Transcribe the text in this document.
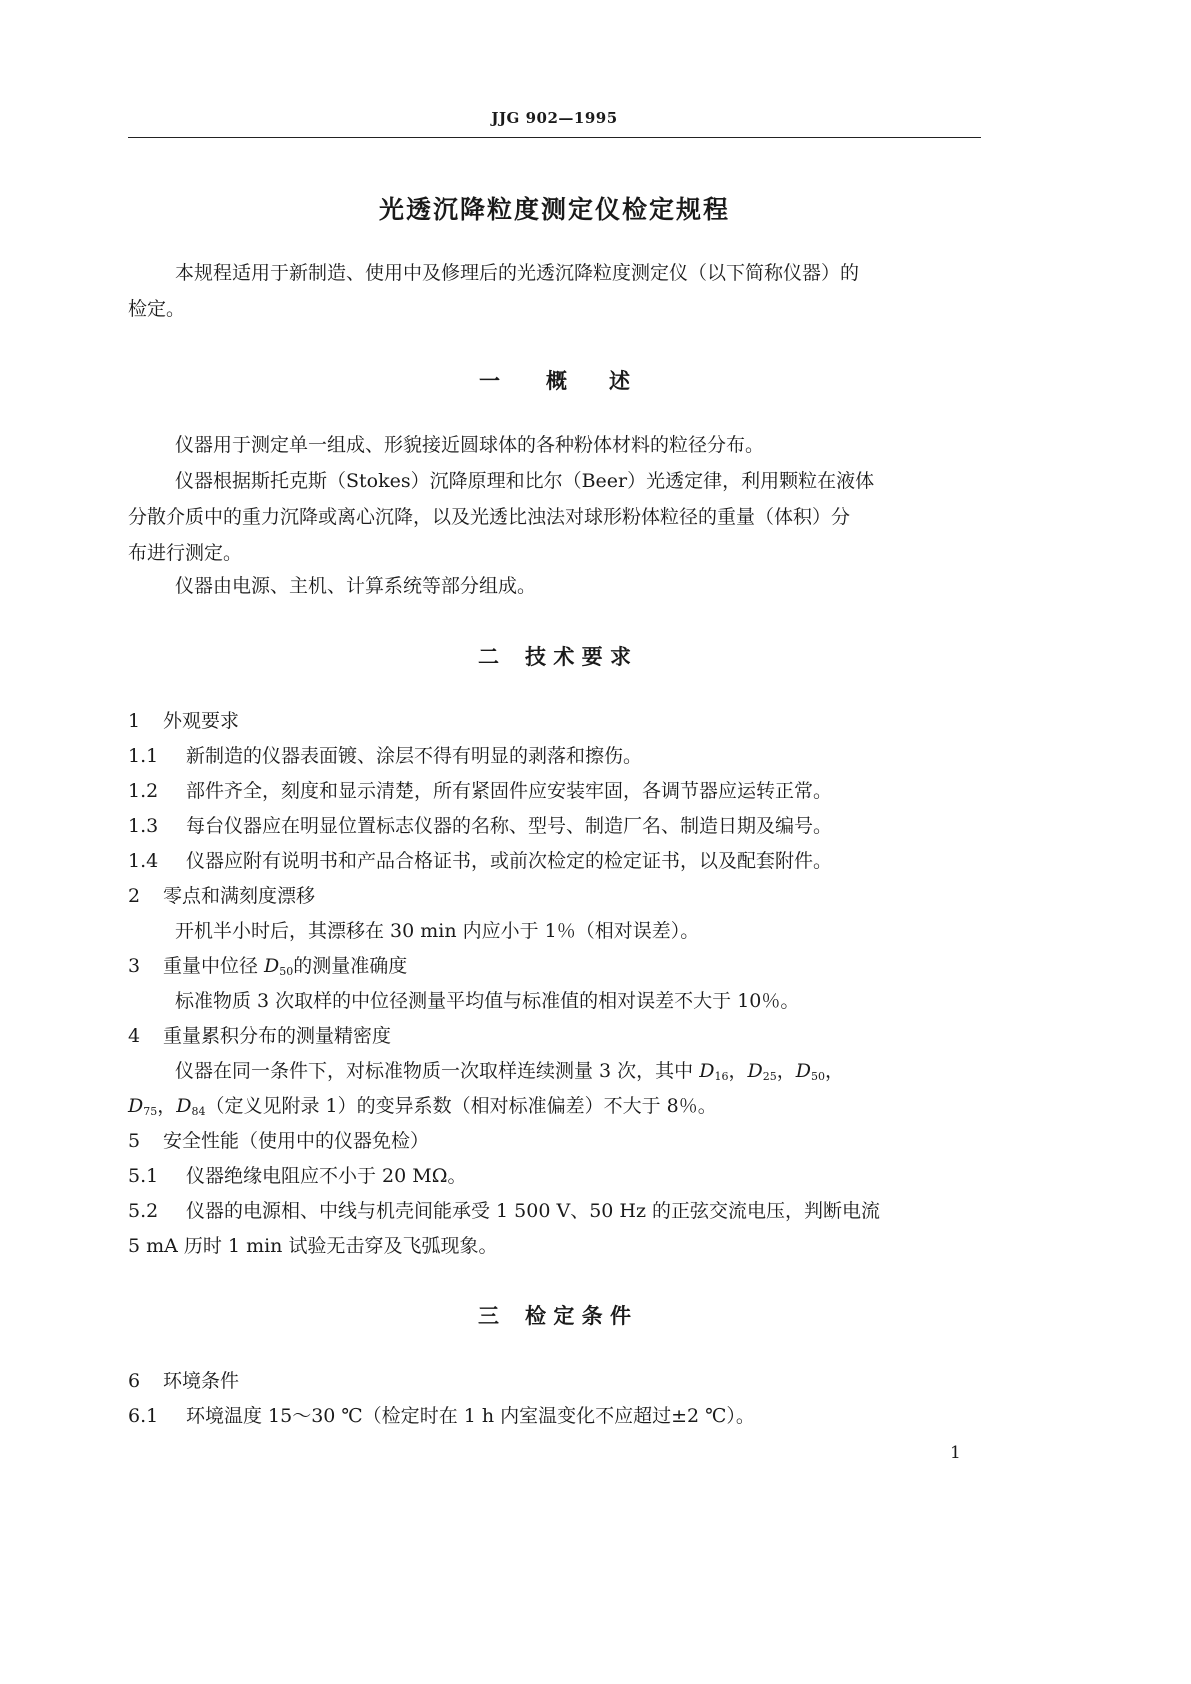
JJG 902—1995
光透沉降粒度测定仪检定规程
本规程适用于新制造、使用中及修理后的光透沉降粒度测定仪（以下简称仪器）的
检定。
一 概　　述
仪器用于测定单一组成、形貌接近圆球体的各种粉体材料的粒径分布。
仪器根据斯托克斯（Stokes）沉降原理和比尔（Beer）光透定律，利用颗粒在液体
分散介质中的重力沉降或离心沉降，以及光透比浊法对球形粉体粒径的重量（体积）分
布进行测定。
仪器由电源、主机、计算系统等部分组成。
二 技 术 要 求
1 外观要求
1.1 新制造的仪器表面镀、涂层不得有明显的剥落和擦伤。
1.2 部件齐全，刻度和显示清楚，所有紧固件应安装牢固，各调节器应运转正常。
1.3 每台仪器应在明显位置标志仪器的名称、型号、制造厂名、制造日期及编号。
1.4 仪器应附有说明书和产品合格证书，或前次检定的检定证书，以及配套附件。
2 零点和满刻度漂移
开机半小时后，其漂移在 30 min 内应小于 1％（相对误差）。
3 重量中位径 $D_{50}$的测量准确度
标准物质 3 次取样的中位径测量平均值与标准值的相对误差不大于 10％。
4 重量累积分布的测量精密度
仪器在同一条件下，对标准物质一次取样连续测量 3 次，其中 $D_{16}$，$D_{25}$，$D_{50}$，
$D_{75}$，$D_{84}$（定义见附录 1）的变异系数（相对标准偏差）不大于 8％。
5 安全性能（使用中的仪器免检）
5.1 仪器绝缘电阻应不小于 20 MΩ。
5.2 仪器的电源相、中线与机壳间能承受 1 500 V、50 Hz 的正弦交流电压，判断电流
5 mA 历时 1 min 试验无击穿及飞弧现象。
三 检 定 条 件
6 环境条件
6.1 环境温度 15～30 ℃（检定时在 1 h 内室温变化不应超过±2 ℃）。
1
